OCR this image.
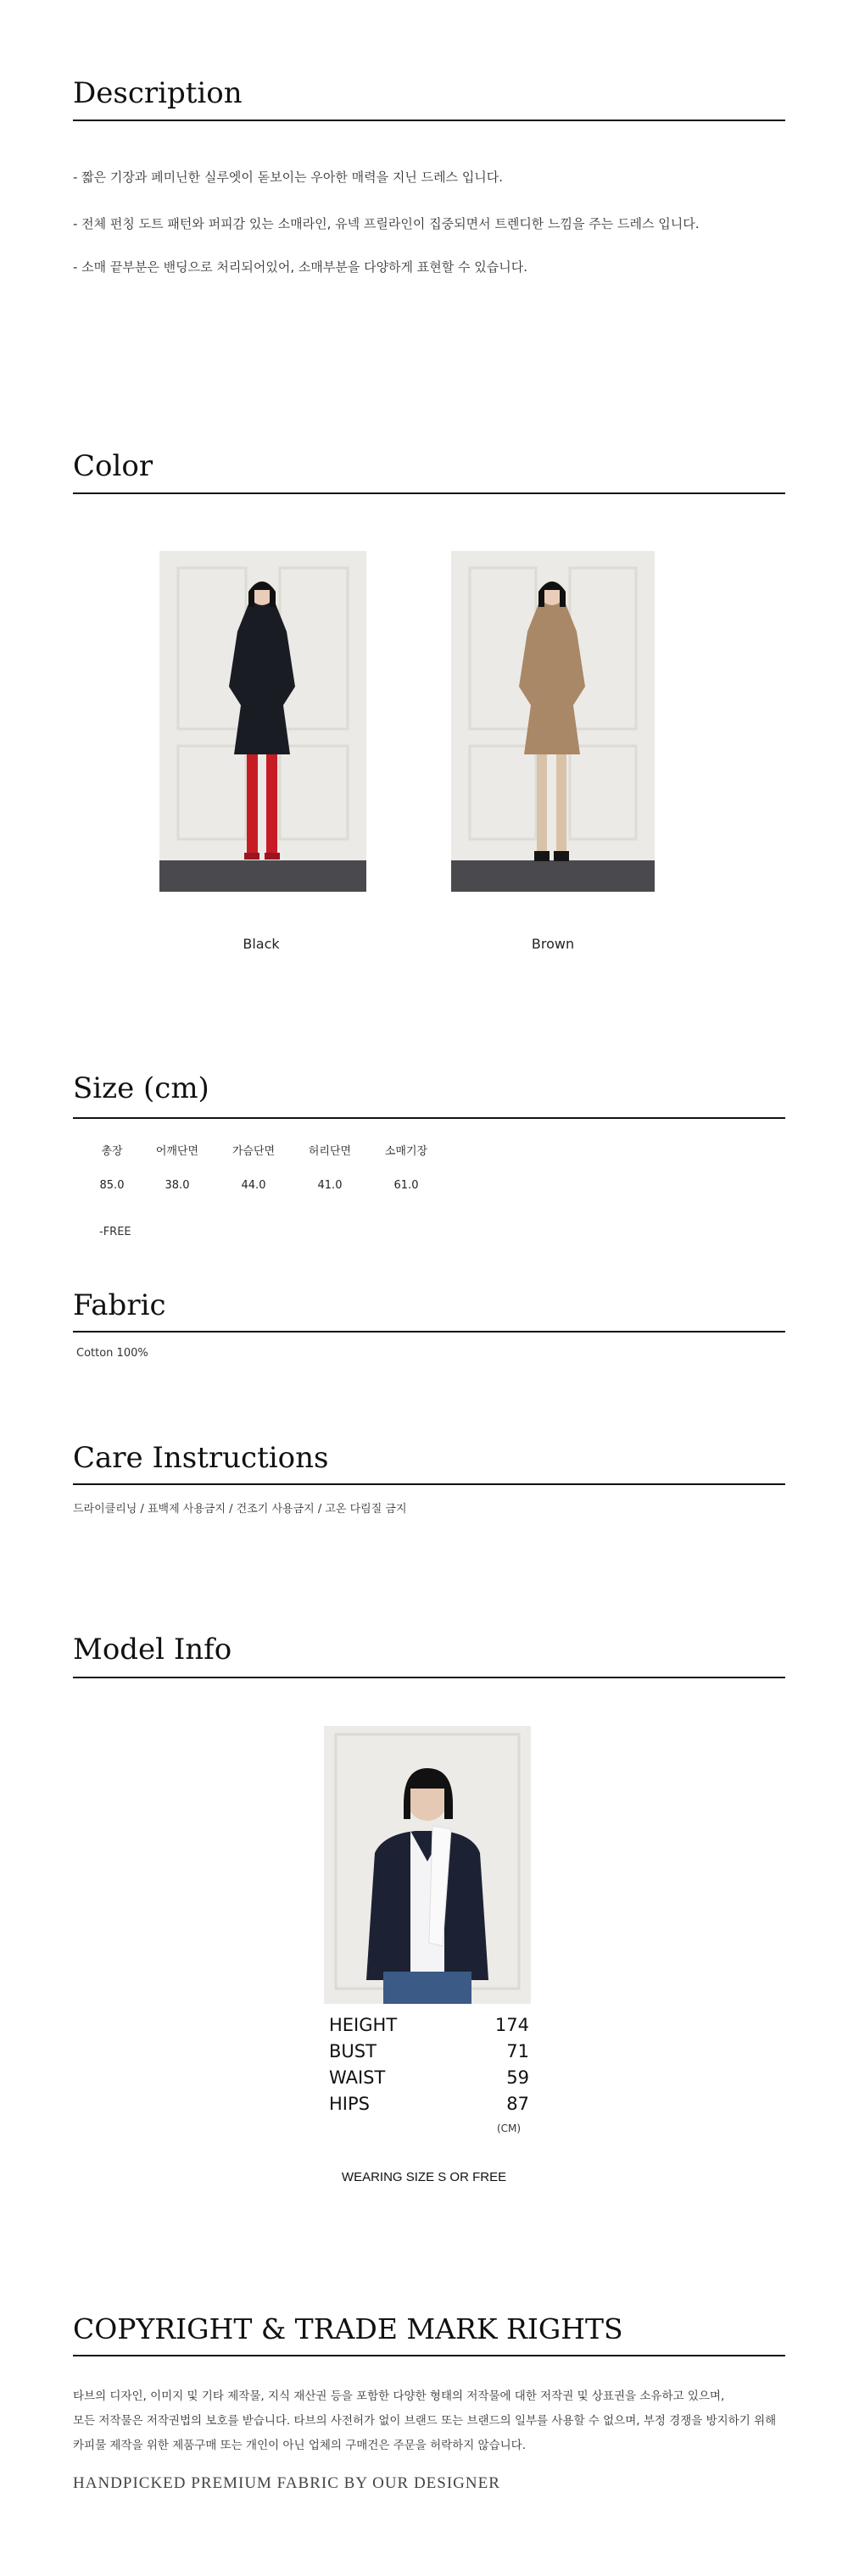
Description
- 짧은 기장과 페미닌한 실루엣이 돋보이는 우아한 매력을 지닌 드레스 입니다.
- 전체 펀칭 도트 패턴와 퍼피감 있는 소매라인, 유넥 프릴라인이 집중되면서 트렌디한 느낌을 주는 드레스 입니다.
- 소매 끝부분은 밴딩으로 처리되어있어, 소매부분을 다양하게 표현할 수 있습니다.
Color
Black	Brown
Size (cm)
총장	어깨단면	가슴단면	허리단면	소매기장
85.0	38.0	44.0	41.0	61.0
-FREE
Fabric
Cotton 100%
Care Instructions
드라이클리닝 / 표백제 사용금지 / 건조기 사용금지 / 고온 다림질 금지
Model Info
HEIGHT	174
BUST	71
WAIST	59
HIPS	87
(CM)
WEARING SIZE S OR FREE
COPYRIGHT & TRADE MARK RIGHTS
타브의 디자인, 이미지 및 기타 제작물, 지식 재산권 등을 포함한 다양한 형태의 저작물에 대한 저작권 및 상표권을 소유하고 있으며,
모든 저작물은 저작권법의 보호를 받습니다. 타브의 사전허가 없이 브랜드 또는 브랜드의 일부를 사용할 수 없으며, 부정 경쟁을 방지하기 위해
카피물 제작을 위한 제품구매 또는 개인이 아닌 업체의 구매건은 주문을 허락하지 않습니다.
HANDPICKED PREMIUM FABRIC BY OUR DESIGNER
